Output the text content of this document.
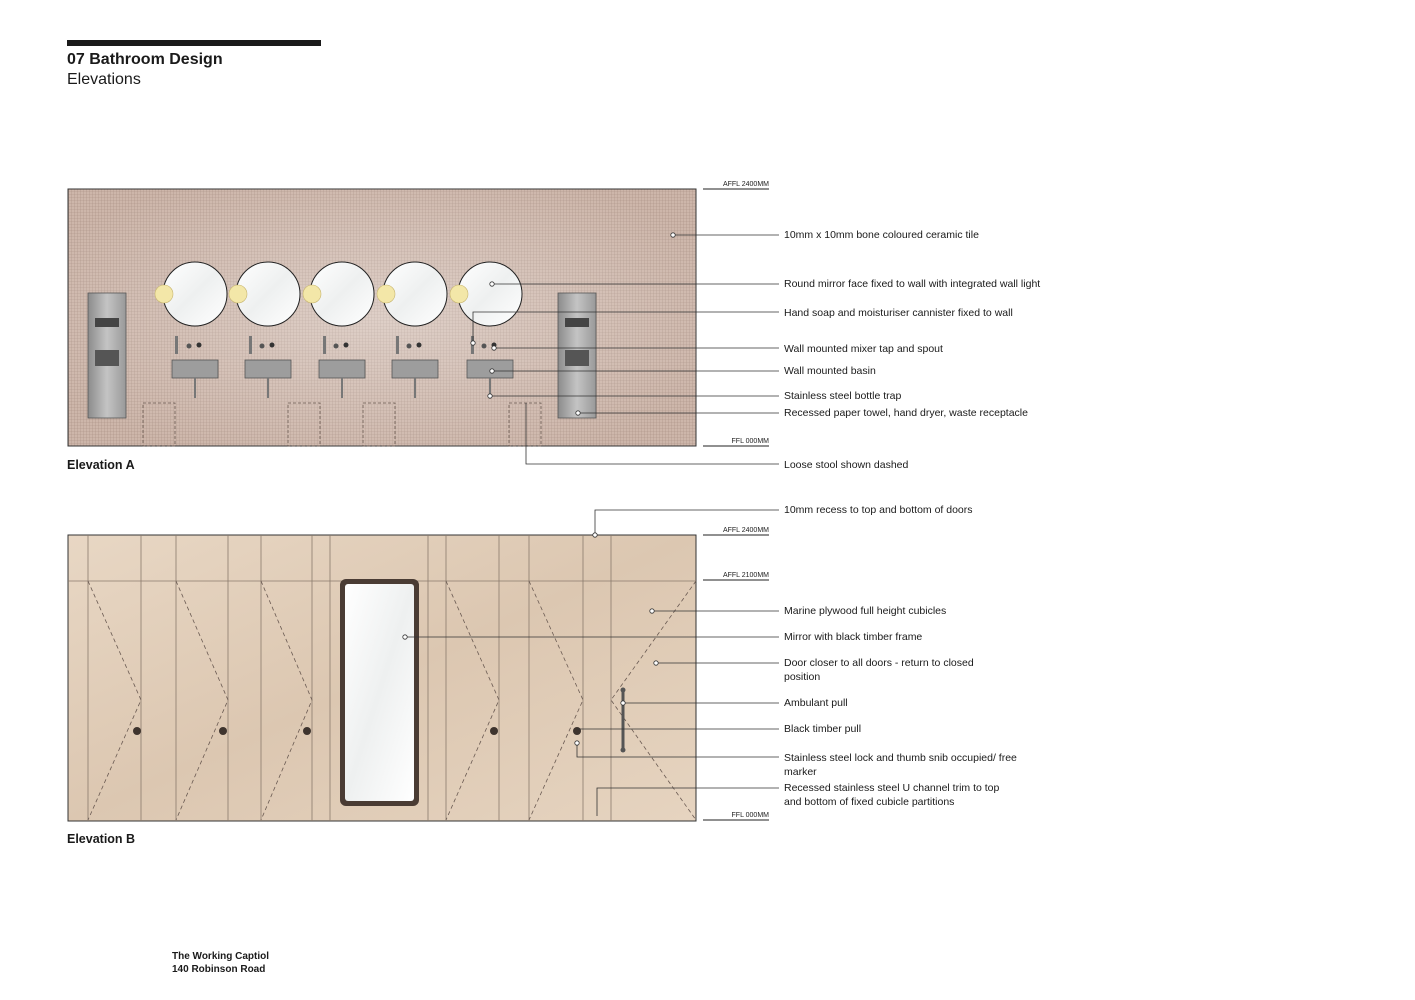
07 Bathroom Design
Elevations
AFFL 2400MM
FFL 000MM
AFFL 2400MM
AFFL 2100MM
FFL 000MM
Elevation A
Elevation B
10mm x 10mm bone coloured ceramic tile
Round mirror face fixed to wall with integrated wall light
Hand soap and moisturiser cannister fixed to wall
Wall mounted mixer tap and spout
Wall mounted basin
Stainless steel bottle trap
Recessed paper towel, hand dryer, waste receptacle
Loose stool shown dashed
10mm recess to top and bottom of doors
Marine plywood full height cubicles
Mirror with black timber frame
Door closer to all doors - return to closed position
Ambulant pull
Black timber pull
Stainless steel lock and thumb snib occupied/ free marker
Recessed stainless steel U channel trim to top and bottom of fixed cubicle partitions
The Working Captiol
140 Robinson Road
